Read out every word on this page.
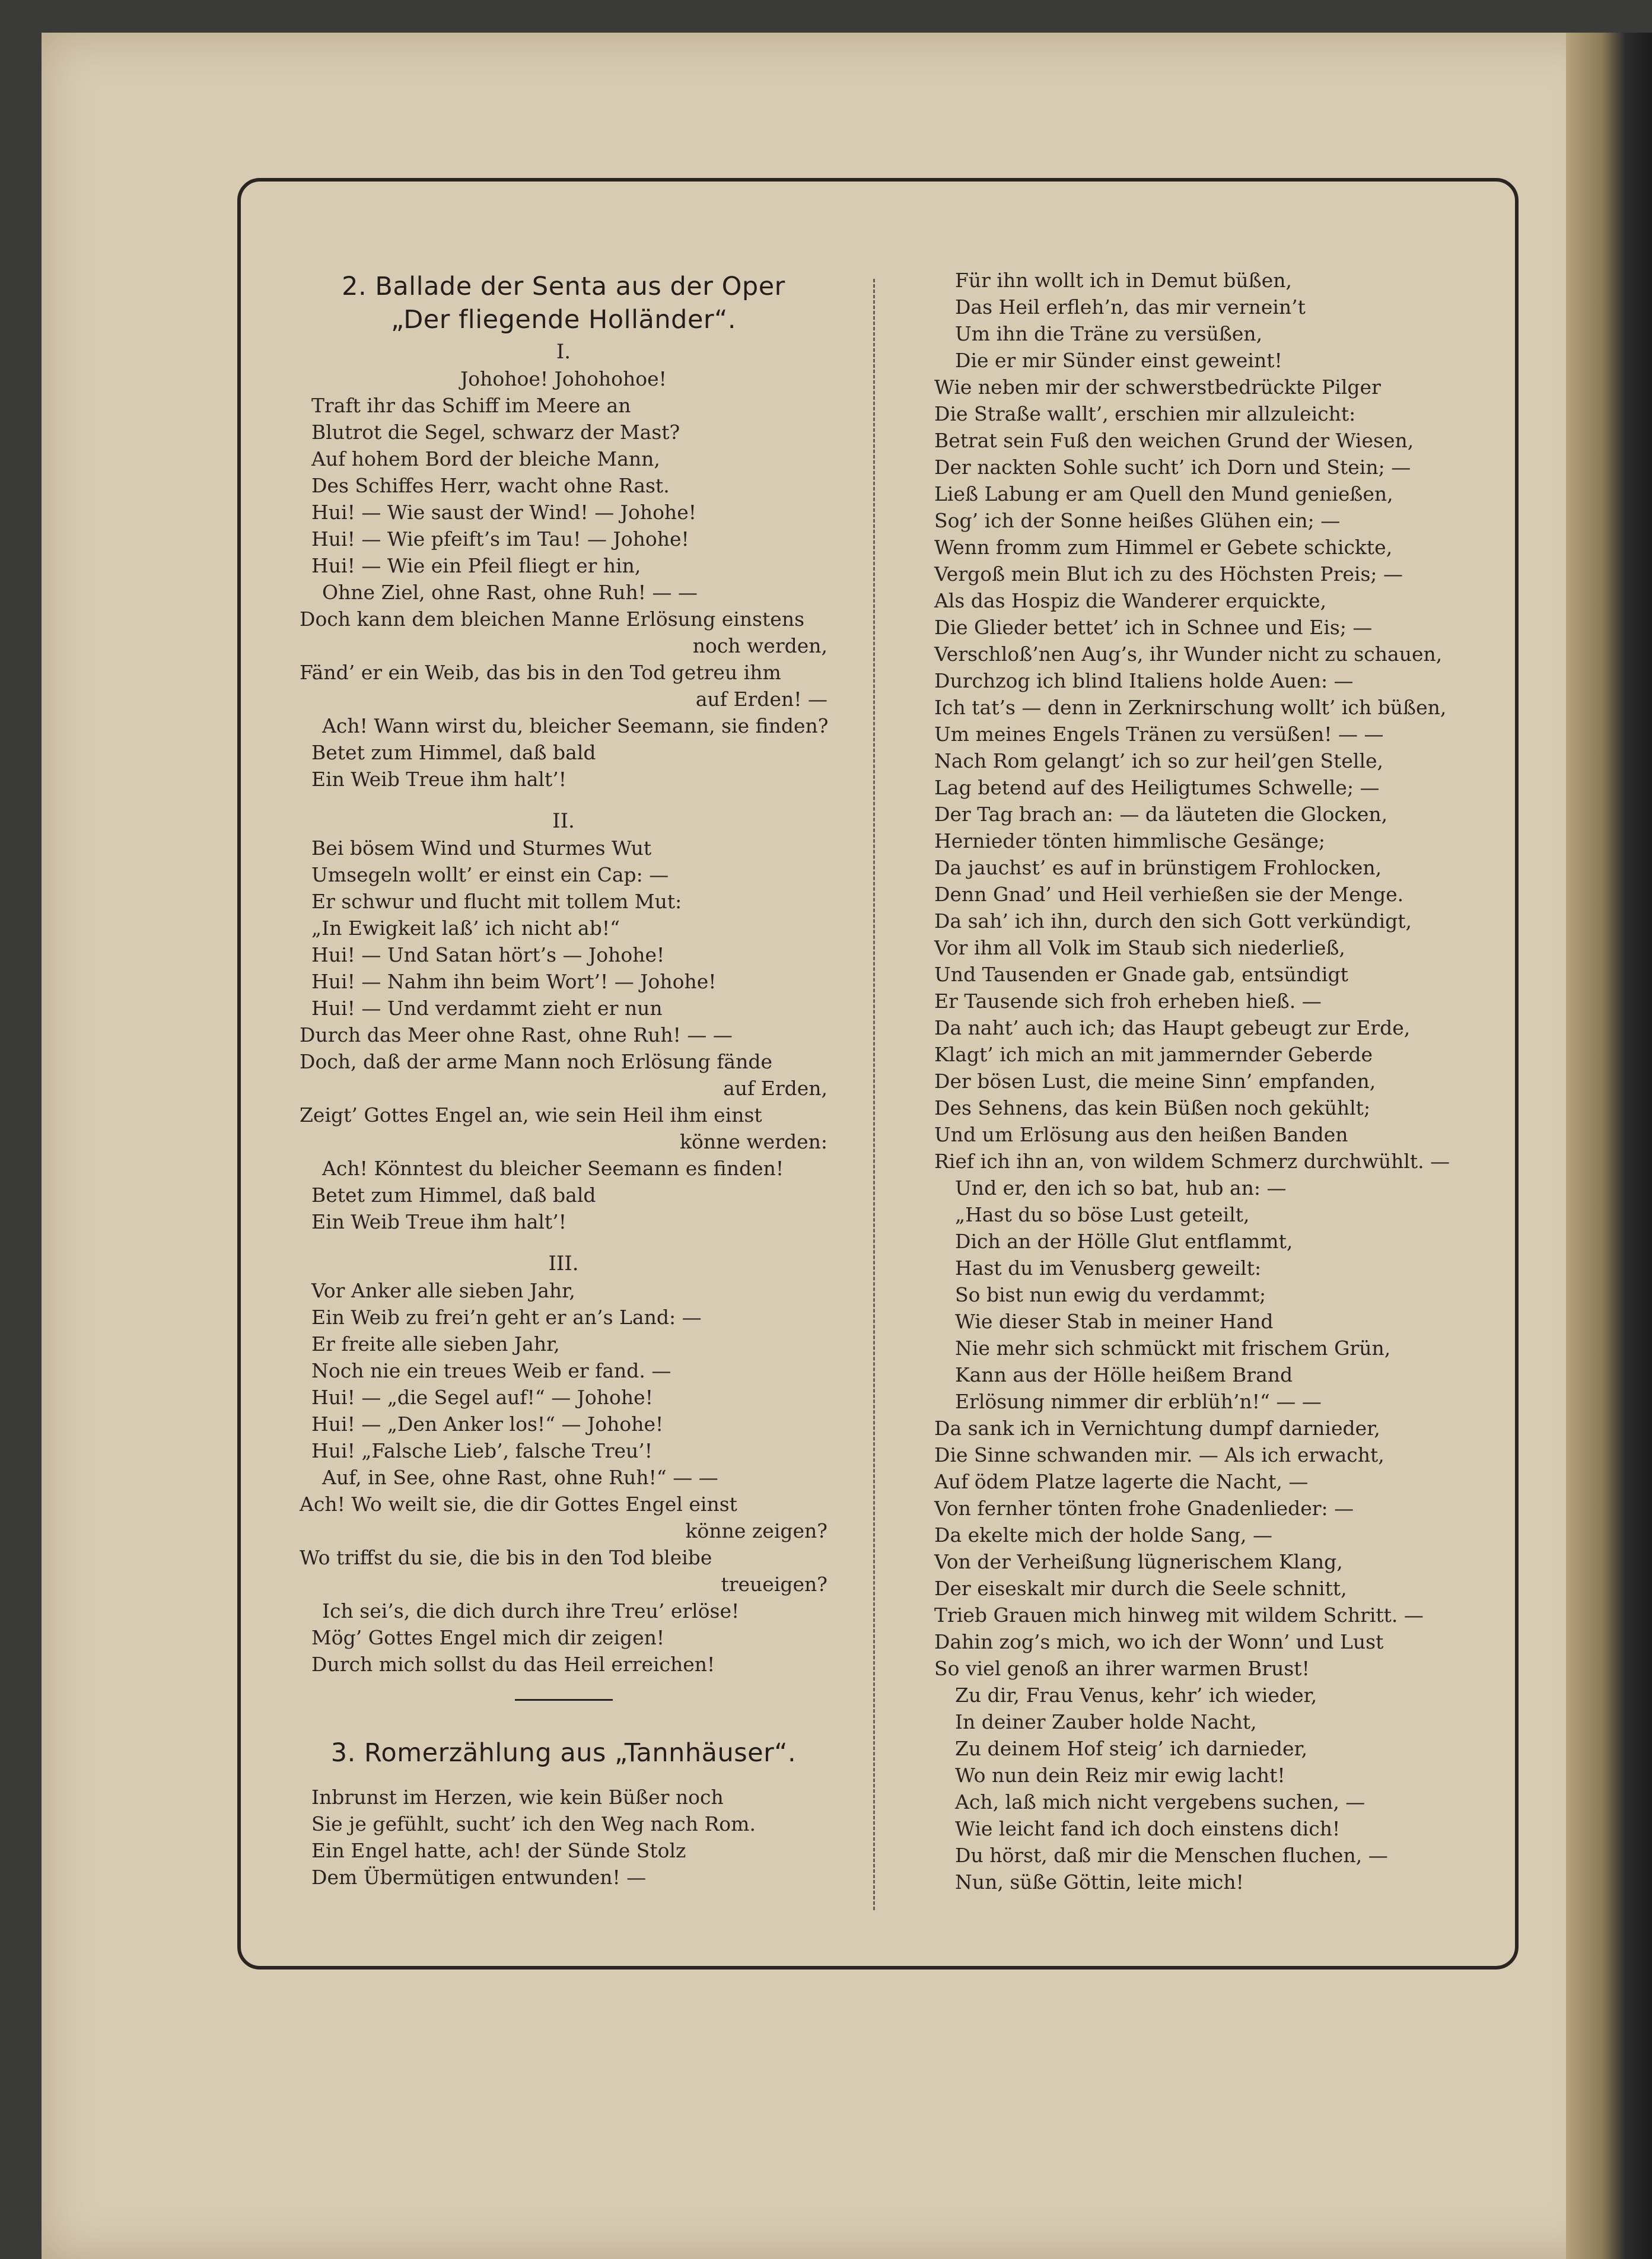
2. Ballade der Senta aus der Oper

„Der fliegende Holländer“.

I.

Johohoe! Johohohoe!

Traft ihr das Schiff im Meere an

Blutrot die Segel, schwarz der Mast?

Auf hohem Bord der bleiche Mann,

Des Schiffes Herr, wacht ohne Rast.

Hui! — Wie saust der Wind! — Johohe!

Hui! — Wie pfeift’s im Tau! — Johohe!

Hui! — Wie ein Pfeil fliegt er hin,

Ohne Ziel, ohne Rast, ohne Ruh! — —

Doch kann dem bleichen Manne Erlösung einstens

noch werden,

Fänd’ er ein Weib, das bis in den Tod getreu ihm

auf Erden! —

Ach! Wann wirst du, bleicher Seemann, sie finden?

Betet zum Himmel, daß bald

Ein Weib Treue ihm halt’!

II.

Bei bösem Wind und Sturmes Wut

Umsegeln wollt’ er einst ein Cap: —

Er schwur und flucht mit tollem Mut:

„In Ewigkeit laß’ ich nicht ab!“

Hui! — Und Satan hört’s — Johohe!

Hui! — Nahm ihn beim Wort’! — Johohe!

Hui! — Und verdammt zieht er nun

Durch das Meer ohne Rast, ohne Ruh! — —

Doch, daß der arme Mann noch Erlösung fände

auf Erden,

Zeigt’ Gottes Engel an, wie sein Heil ihm einst

könne werden:

Ach! Könntest du bleicher Seemann es finden!

Betet zum Himmel, daß bald

Ein Weib Treue ihm halt’!

III.

Vor Anker alle sieben Jahr,

Ein Weib zu frei’n geht er an’s Land: —

Er freite alle sieben Jahr,

Noch nie ein treues Weib er fand. —

Hui! — „die Segel auf!“ — Johohe!

Hui! — „Den Anker los!“ — Johohe!

Hui! „Falsche Lieb’, falsche Treu’!

Auf, in See, ohne Rast, ohne Ruh!“ — —

Ach! Wo weilt sie, die dir Gottes Engel einst

könne zeigen?

Wo triffst du sie, die bis in den Tod bleibe

treueigen?

Ich sei’s, die dich durch ihre Treu’ erlöse!

Mög’ Gottes Engel mich dir zeigen!

Durch mich sollst du das Heil erreichen!

3. Romerzählung aus „Tannhäuser“.

Inbrunst im Herzen, wie kein Büßer noch

Sie je gefühlt, sucht’ ich den Weg nach Rom.

Ein Engel hatte, ach! der Sünde Stolz

Dem Übermütigen entwunden! —

Für ihn wollt ich in Demut büßen,

Das Heil erfleh’n, das mir vernein’t

Um ihn die Träne zu versüßen,

Die er mir Sünder einst geweint!

Wie neben mir der schwerstbedrückte Pilger

Die Straße wallt’, erschien mir allzuleicht:

Betrat sein Fuß den weichen Grund der Wiesen,

Der nackten Sohle sucht’ ich Dorn und Stein; —

Ließ Labung er am Quell den Mund genießen,

Sog’ ich der Sonne heißes Glühen ein; —

Wenn fromm zum Himmel er Gebete schickte,

Vergoß mein Blut ich zu des Höchsten Preis; —

Als das Hospiz die Wanderer erquickte,

Die Glieder bettet’ ich in Schnee und Eis; —

Verschloß’nen Aug’s, ihr Wunder nicht zu schauen,

Durchzog ich blind Italiens holde Auen: —

Ich tat’s — denn in Zerknirschung wollt’ ich büßen,

Um meines Engels Tränen zu versüßen! — —

Nach Rom gelangt’ ich so zur heil’gen Stelle,

Lag betend auf des Heiligtumes Schwelle; —

Der Tag brach an: — da läuteten die Glocken,

Hernieder tönten himmlische Gesänge;

Da jauchst’ es auf in brünstigem Frohlocken,

Denn Gnad’ und Heil verhießen sie der Menge.

Da sah’ ich ihn, durch den sich Gott verkündigt,

Vor ihm all Volk im Staub sich niederließ,

Und Tausenden er Gnade gab, entsündigt

Er Tausende sich froh erheben hieß. —

Da naht’ auch ich; das Haupt gebeugt zur Erde,

Klagt’ ich mich an mit jammernder Geberde

Der bösen Lust, die meine Sinn’ empfanden,

Des Sehnens, das kein Büßen noch gekühlt;

Und um Erlösung aus den heißen Banden

Rief ich ihn an, von wildem Schmerz durchwühlt. —

Und er, den ich so bat, hub an: —

„Hast du so böse Lust geteilt,

Dich an der Hölle Glut entflammt,

Hast du im Venusberg geweilt:

So bist nun ewig du verdammt;

Wie dieser Stab in meiner Hand

Nie mehr sich schmückt mit frischem Grün,

Kann aus der Hölle heißem Brand

Erlösung nimmer dir erblüh’n!“ — —

Da sank ich in Vernichtung dumpf darnieder,

Die Sinne schwanden mir. — Als ich erwacht,

Auf ödem Platze lagerte die Nacht, —

Von fernher tönten frohe Gnadenlieder: —

Da ekelte mich der holde Sang, —

Von der Verheißung lügnerischem Klang,

Der eiseskalt mir durch die Seele schnitt,

Trieb Grauen mich hinweg mit wildem Schritt. —

Dahin zog’s mich, wo ich der Wonn’ und Lust

So viel genoß an ihrer warmen Brust!

Zu dir, Frau Venus, kehr’ ich wieder,

In deiner Zauber holde Nacht,

Zu deinem Hof steig’ ich darnieder,

Wo nun dein Reiz mir ewig lacht!

Ach, laß mich nicht vergebens suchen, —

Wie leicht fand ich doch einstens dich!

Du hörst, daß mir die Menschen fluchen, —

Nun, süße Göttin, leite mich!
